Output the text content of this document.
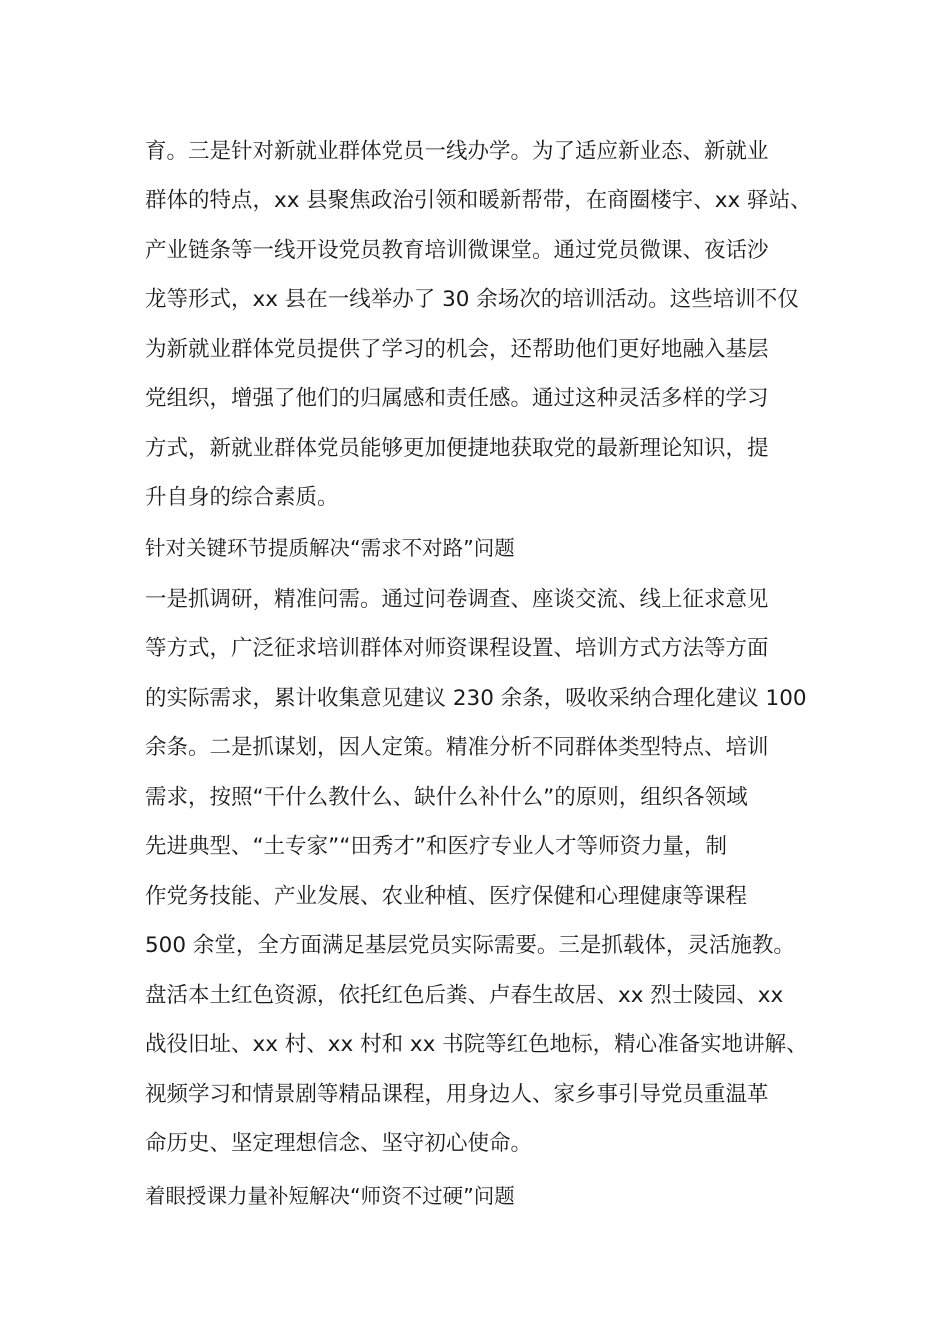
育。三是针对新就业群体党员一线办学。为了适应新业态、新就业
群体的特点，xx 县聚焦政治引领和暖新帮带，在商圈楼宇、xx 驿站、
产业链条等一线开设党员教育培训微课堂。通过党员微课、夜话沙
龙等形式，xx 县在一线举办了 30 余场次的培训活动。这些培训不仅
为新就业群体党员提供了学习的机会，还帮助他们更好地融入基层
党组织，增强了他们的归属感和责任感。通过这种灵活多样的学习
方式，新就业群体党员能够更加便捷地获取党的最新理论知识，提
升自身的综合素质。
针对关键环节提质解决“需求不对路”问题
一是抓调研，精准问需。通过问卷调查、座谈交流、线上征求意见
等方式，广泛征求培训群体对师资课程设置、培训方式方法等方面
的实际需求，累计收集意见建议 230 余条，吸收采纳合理化建议 100
余条。二是抓谋划，因人定策。精准分析不同群体类型特点、培训
需求，按照“干什么教什么、缺什么补什么”的原则，组织各领域
先进典型、“土专家”“田秀才”和医疗专业人才等师资力量，制
作党务技能、产业发展、农业种植、医疗保健和心理健康等课程
500 余堂，全方面满足基层党员实际需要。三是抓载体，灵活施教。
盘活本土红色资源，依托红色后粪、卢春生故居、xx 烈士陵园、xx
战役旧址、xx 村、xx 村和 xx 书院等红色地标，精心准备实地讲解、
视频学习和情景剧等精品课程，用身边人、家乡事引导党员重温革
命历史、坚定理想信念、坚守初心使命。
着眼授课力量补短解决“师资不过硬”问题
